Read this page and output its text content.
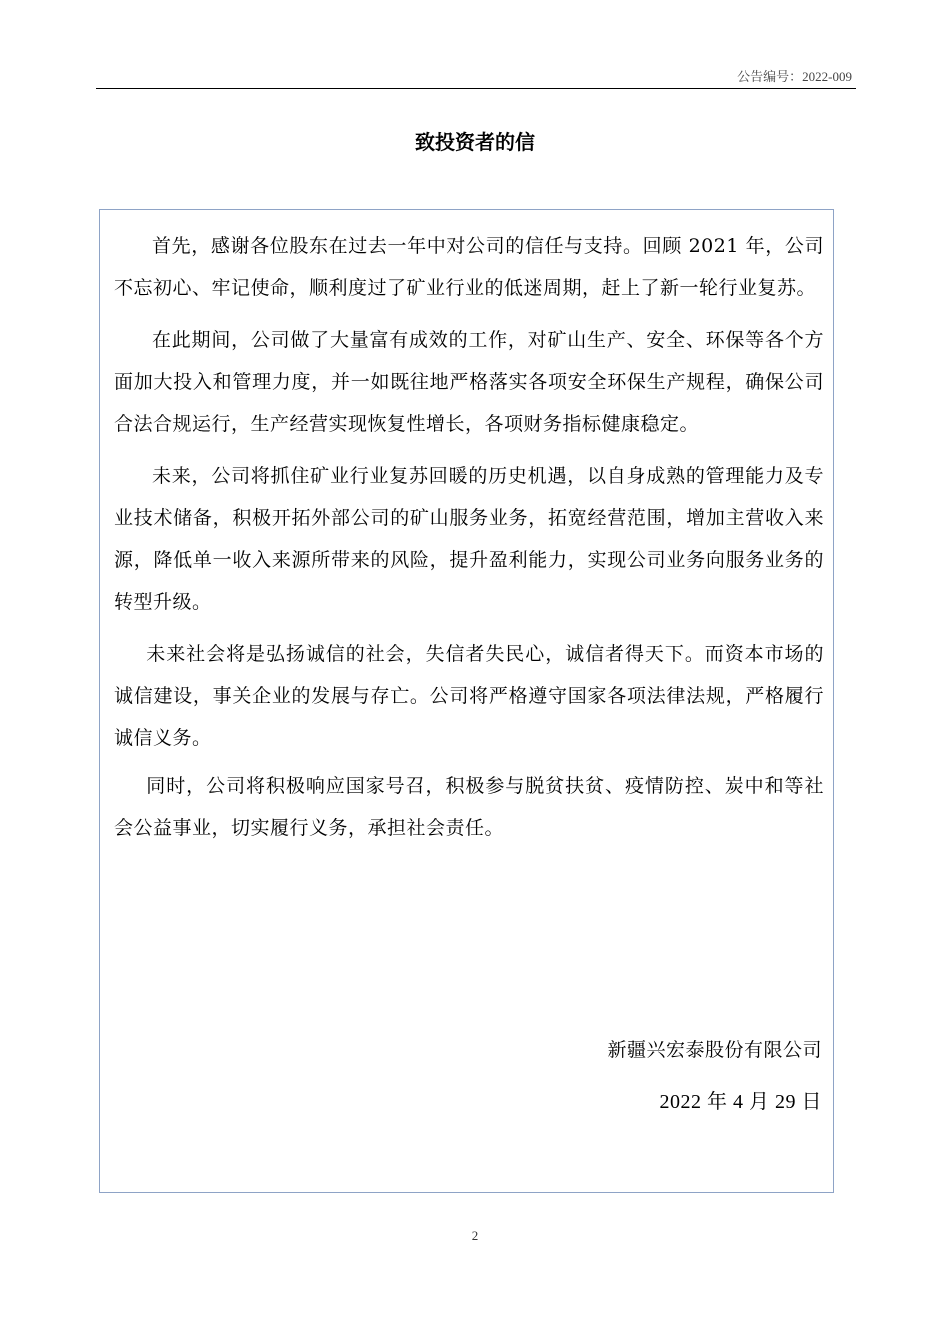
公告编号：2022-009
致投资者的信

首先，感谢各位股东在过去一年中对公司的信任与支持。回顾 2021 年，公司不忘初心、牢记使命，顺利度过了矿业行业的低迷周期，赶上了新一轮行业复苏。

在此期间，公司做了大量富有成效的工作，对矿山生产、安全、环保等各个方面加大投入和管理力度，并一如既往地严格落实各项安全环保生产规程，确保公司合法合规运行，生产经营实现恢复性增长，各项财务指标健康稳定。

未来，公司将抓住矿业行业复苏回暖的历史机遇，以自身成熟的管理能力及专业技术储备，积极开拓外部公司的矿山服务业务，拓宽经营范围，增加主营收入来源，降低单一收入来源所带来的风险，提升盈利能力，实现公司业务向服务业务的转型升级。

未来社会将是弘扬诚信的社会，失信者失民心，诚信者得天下。而资本市场的诚信建设，事关企业的发展与存亡。公司将严格遵守国家各项法律法规，严格履行诚信义务。

同时，公司将积极响应国家号召，积极参与脱贫扶贫、疫情防控、炭中和等社会公益事业，切实履行义务，承担社会责任。

新疆兴宏泰股份有限公司
2022 年 4 月 29 日
2
